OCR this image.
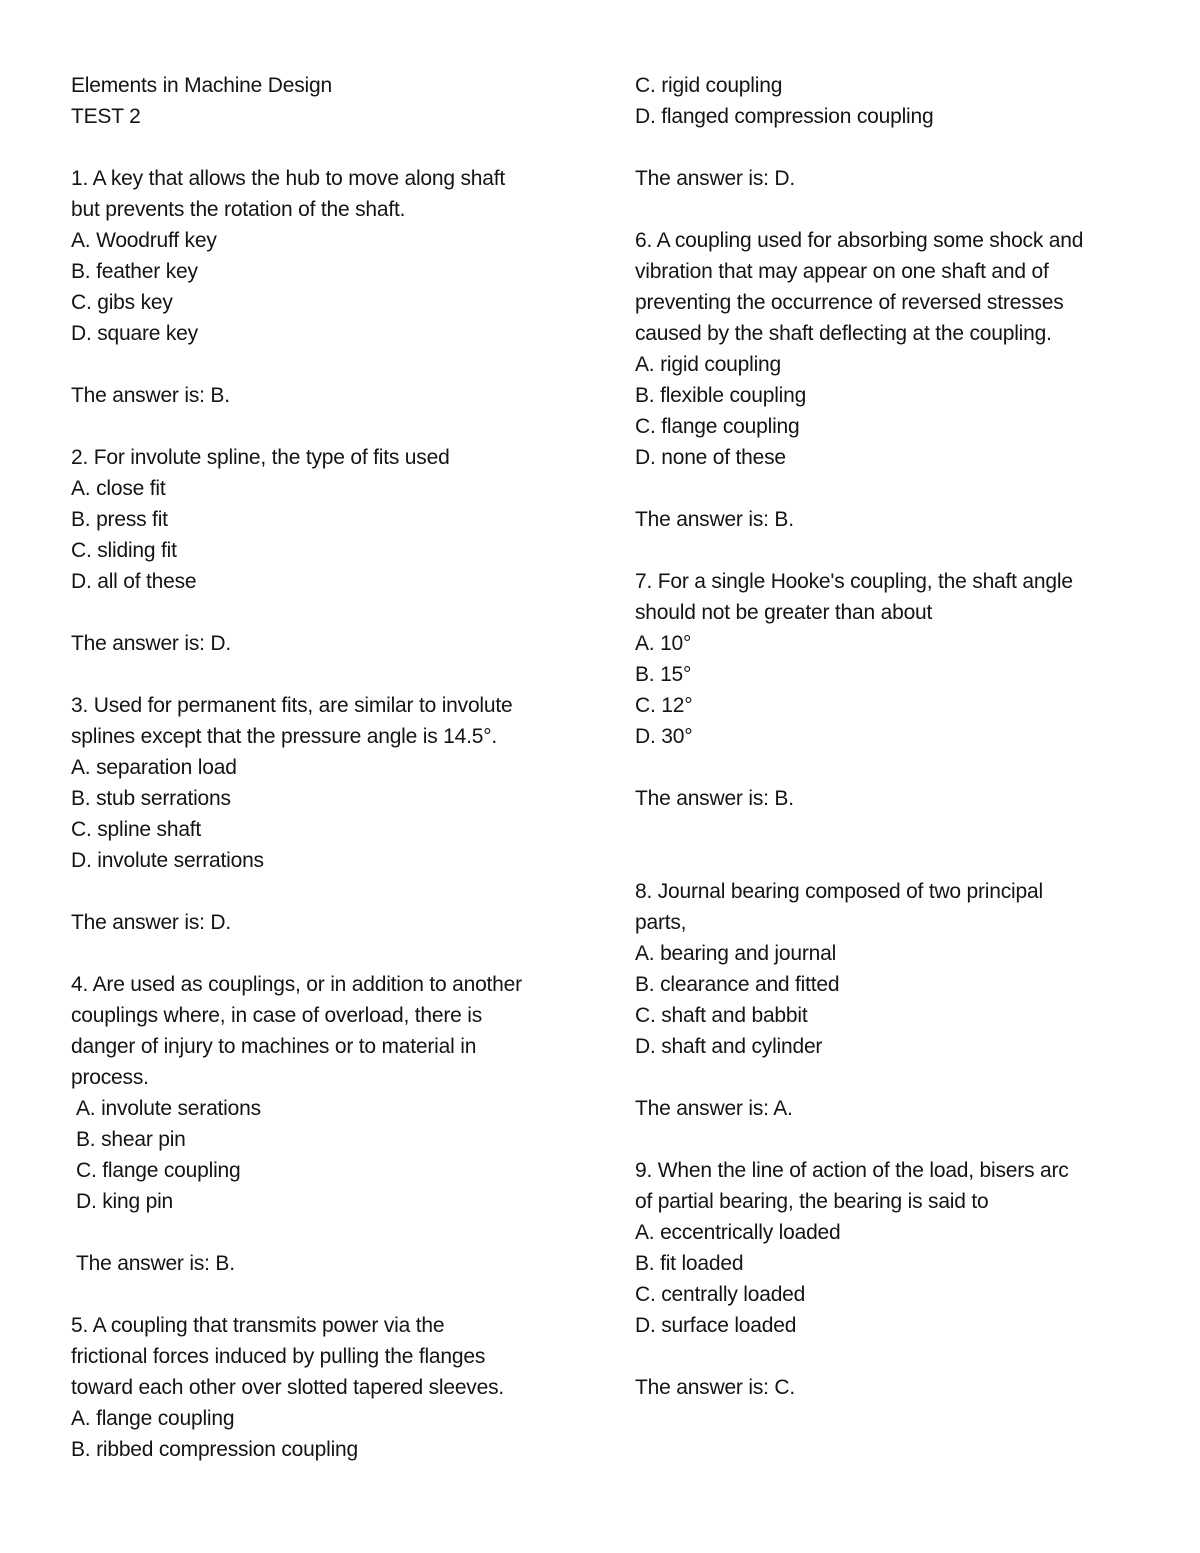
Elements in Machine Design
TEST 2
1. A key that allows the hub to move along shaft
but prevents the rotation of the shaft.
A. Woodruff key
B. feather key
C. gibs key
D. square key
The answer is: B.
2. For involute spline, the type of fits used
A. close fit
B. press fit
C. sliding fit
D. all of these
The answer is: D.
3. Used for permanent fits, are similar to involute
splines except that the pressure angle is 14.5°.
A. separation load
B. stub serrations
C. spline shaft
D. involute serrations
The answer is: D.
4. Are used as couplings, or in addition to another
couplings where, in case of overload, there is
danger of injury to machines or to material in
process.
A. involute serations
B. shear pin
C. flange coupling
D. king pin
The answer is: B.
5. A coupling that transmits power via the
frictional forces induced by pulling the flanges
toward each other over slotted tapered sleeves.
A. flange coupling
B. ribbed compression coupling
C. rigid coupling
D. flanged compression coupling
The answer is: D.
6. A coupling used for absorbing some shock and
vibration that may appear on one shaft and of
preventing the occurrence of reversed stresses
caused by the shaft deflecting at the coupling.
A. rigid coupling
B. flexible coupling
C. flange coupling
D. none of these
The answer is: B.
7. For a single Hooke's coupling, the shaft angle
should not be greater than about
A. 10°
B. 15°
C. 12°
D. 30°
The answer is: B.
8. Journal bearing composed of two principal
parts,
A. bearing and journal
B. clearance and fitted
C. shaft and babbit
D. shaft and cylinder
The answer is: A.
9. When the line of action of the load, bisers arc
of partial bearing, the bearing is said to
A. eccentrically loaded
B. fit loaded
C. centrally loaded
D. surface loaded
The answer is: C.
